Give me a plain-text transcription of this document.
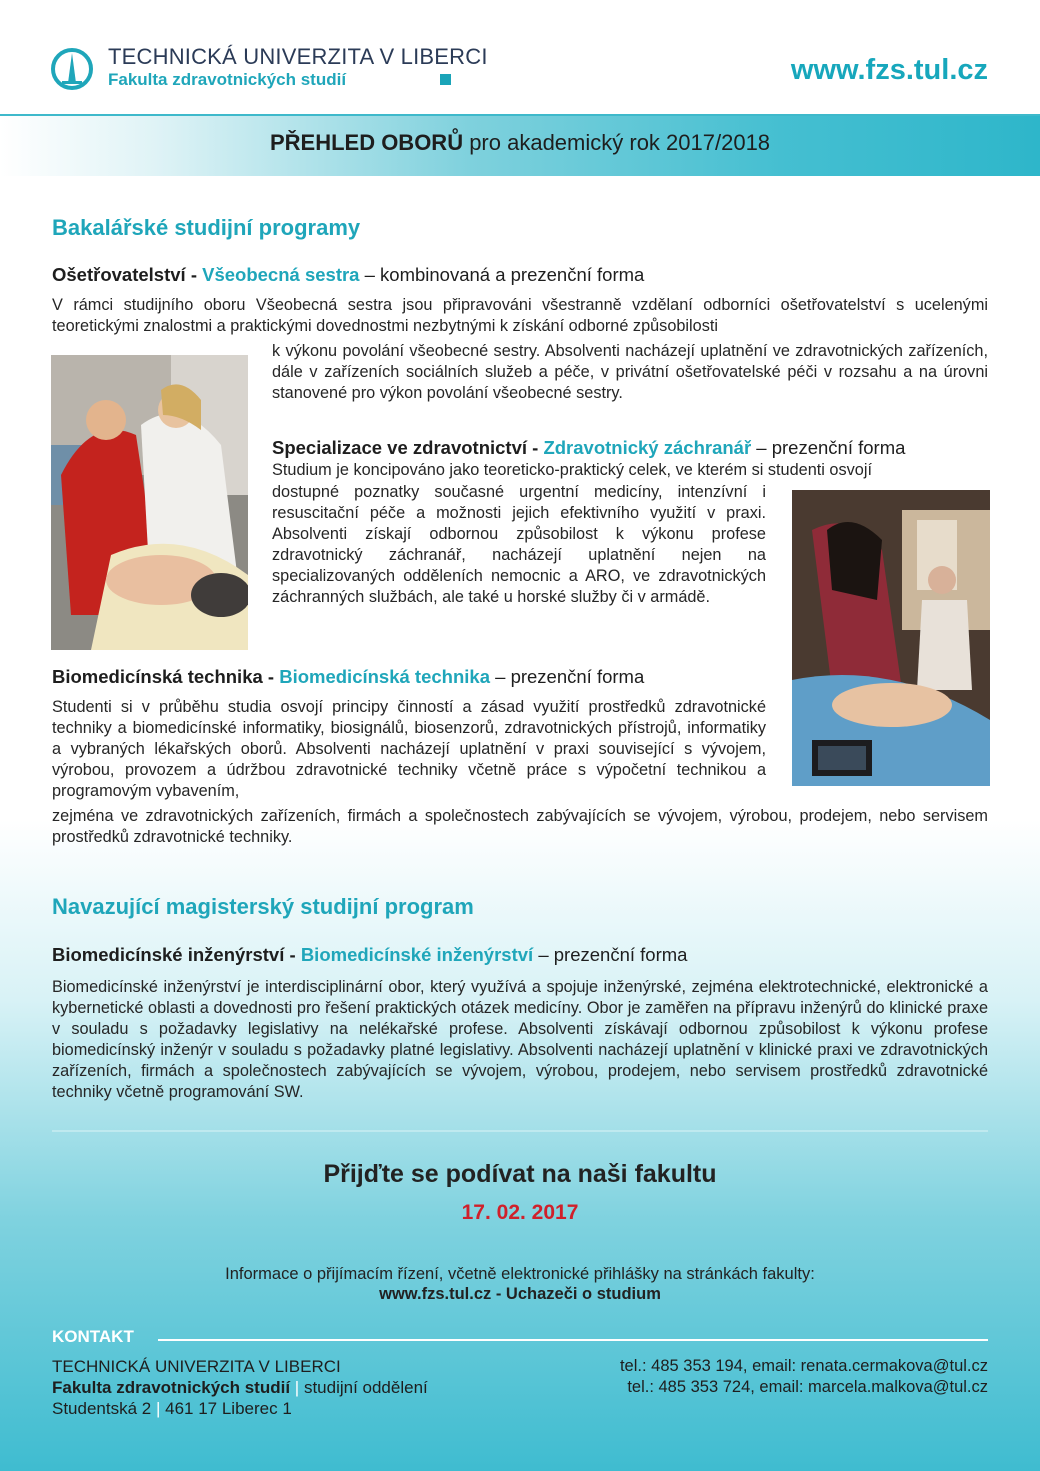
TECHNICKÁ UNIVERZITA V LIBERCI
Fakulta zdravotnických studií	www.fzs.tul.cz
PŘEHLED OBORŮ pro akademický rok 2017/2018
Bakalářské studijní programy
Ošetřovatelství - Všeobecná sestra – kombinovaná a prezenční forma
V rámci studijního oboru Všeobecná sestra jsou připravováni všestranně vzdělaní odborníci ošetřovatelství s ucelenými teoretickými znalostmi a praktickými dovednostmi nezbytnými k získání odborné způsobilosti
k výkonu povolání všeobecné sestry. Absolventi nacházejí uplatnění ve zdravotnických zařízeních, dále v zařízeních sociálních služeb a péče, v privátní ošetřovatelské péči v rozsahu a na úrovni stanovené pro výkon povolání všeobecné sestry.
Specializace ve zdravotnictví - Zdravotnický záchranář – prezenční forma
Studium je koncipováno jako teoreticko-praktický celek, ve kterém si studenti osvojí
dostupné poznatky současné urgentní medicíny, intenzívní i resuscitační péče a možnosti jejich efektivního využití v praxi. Absolventi získají odbornou způsobilost k výkonu profese zdravotnický záchranář, nacházejí uplatnění nejen na specializovaných odděleních nemocnic a ARO, ve zdravotnických záchranných službách, ale také u horské služby či v armádě.
Biomedicínská technika - Biomedicínská technika – prezenční forma
Studenti si v průběhu studia osvojí principy činností a zásad využití prostředků zdravotnické techniky a biomedicínské informatiky, biosignálů, biosenzorů, zdravotnických přístrojů, informatiky a vybraných lékařských oborů. Absolventi nacházejí uplatnění v praxi související s vývojem, výrobou, provozem a údržbou zdravotnické techniky včetně práce s výpočetní technikou a programovým vybavením,
zejména ve zdravotnických zařízeních, firmách a společnostech zabývajících se vývojem, výrobou, prodejem, nebo servisem prostředků zdravotnické techniky.
Navazující magisterský studijní program
Biomedicínské inženýrství - Biomedicínské inženýrství – prezenční forma
Biomedicínské inženýrství je interdisciplinární obor, který využívá a spojuje inženýrské, zejména elektrotechnické, elektronické a kybernetické oblasti a dovednosti pro řešení praktických otázek medicíny. Obor je zaměřen na přípravu inženýrů do klinické praxe v souladu s požadavky legislativy na nelékařské profese. Absolventi získávají odbornou způsobilost k výkonu profese biomedicínský inženýr v souladu s požadavky platné legislativy. Absolventi nacházejí uplatnění v klinické praxi ve zdravotnických zařízeních, firmách a společnostech zabývajících se vývojem, výrobou, prodejem, nebo servisem prostředků zdravotnické techniky včetně programování SW.
Přijďte se podívat na naši fakultu
17. 02. 2017
Informace o přijímacím řízení, včetně elektronické přihlášky na stránkách fakulty:
www.fzs.tul.cz - Uchazeči o studium
KONTAKT
TECHNICKÁ UNIVERZITA V LIBERCI
Fakulta zdravotnických studií | studijní oddělení
Studentská 2 | 461 17 Liberec 1
tel.: 485 353 194, email: renata.cermakova@tul.cz
tel.: 485 353 724, email: marcela.malkova@tul.cz
